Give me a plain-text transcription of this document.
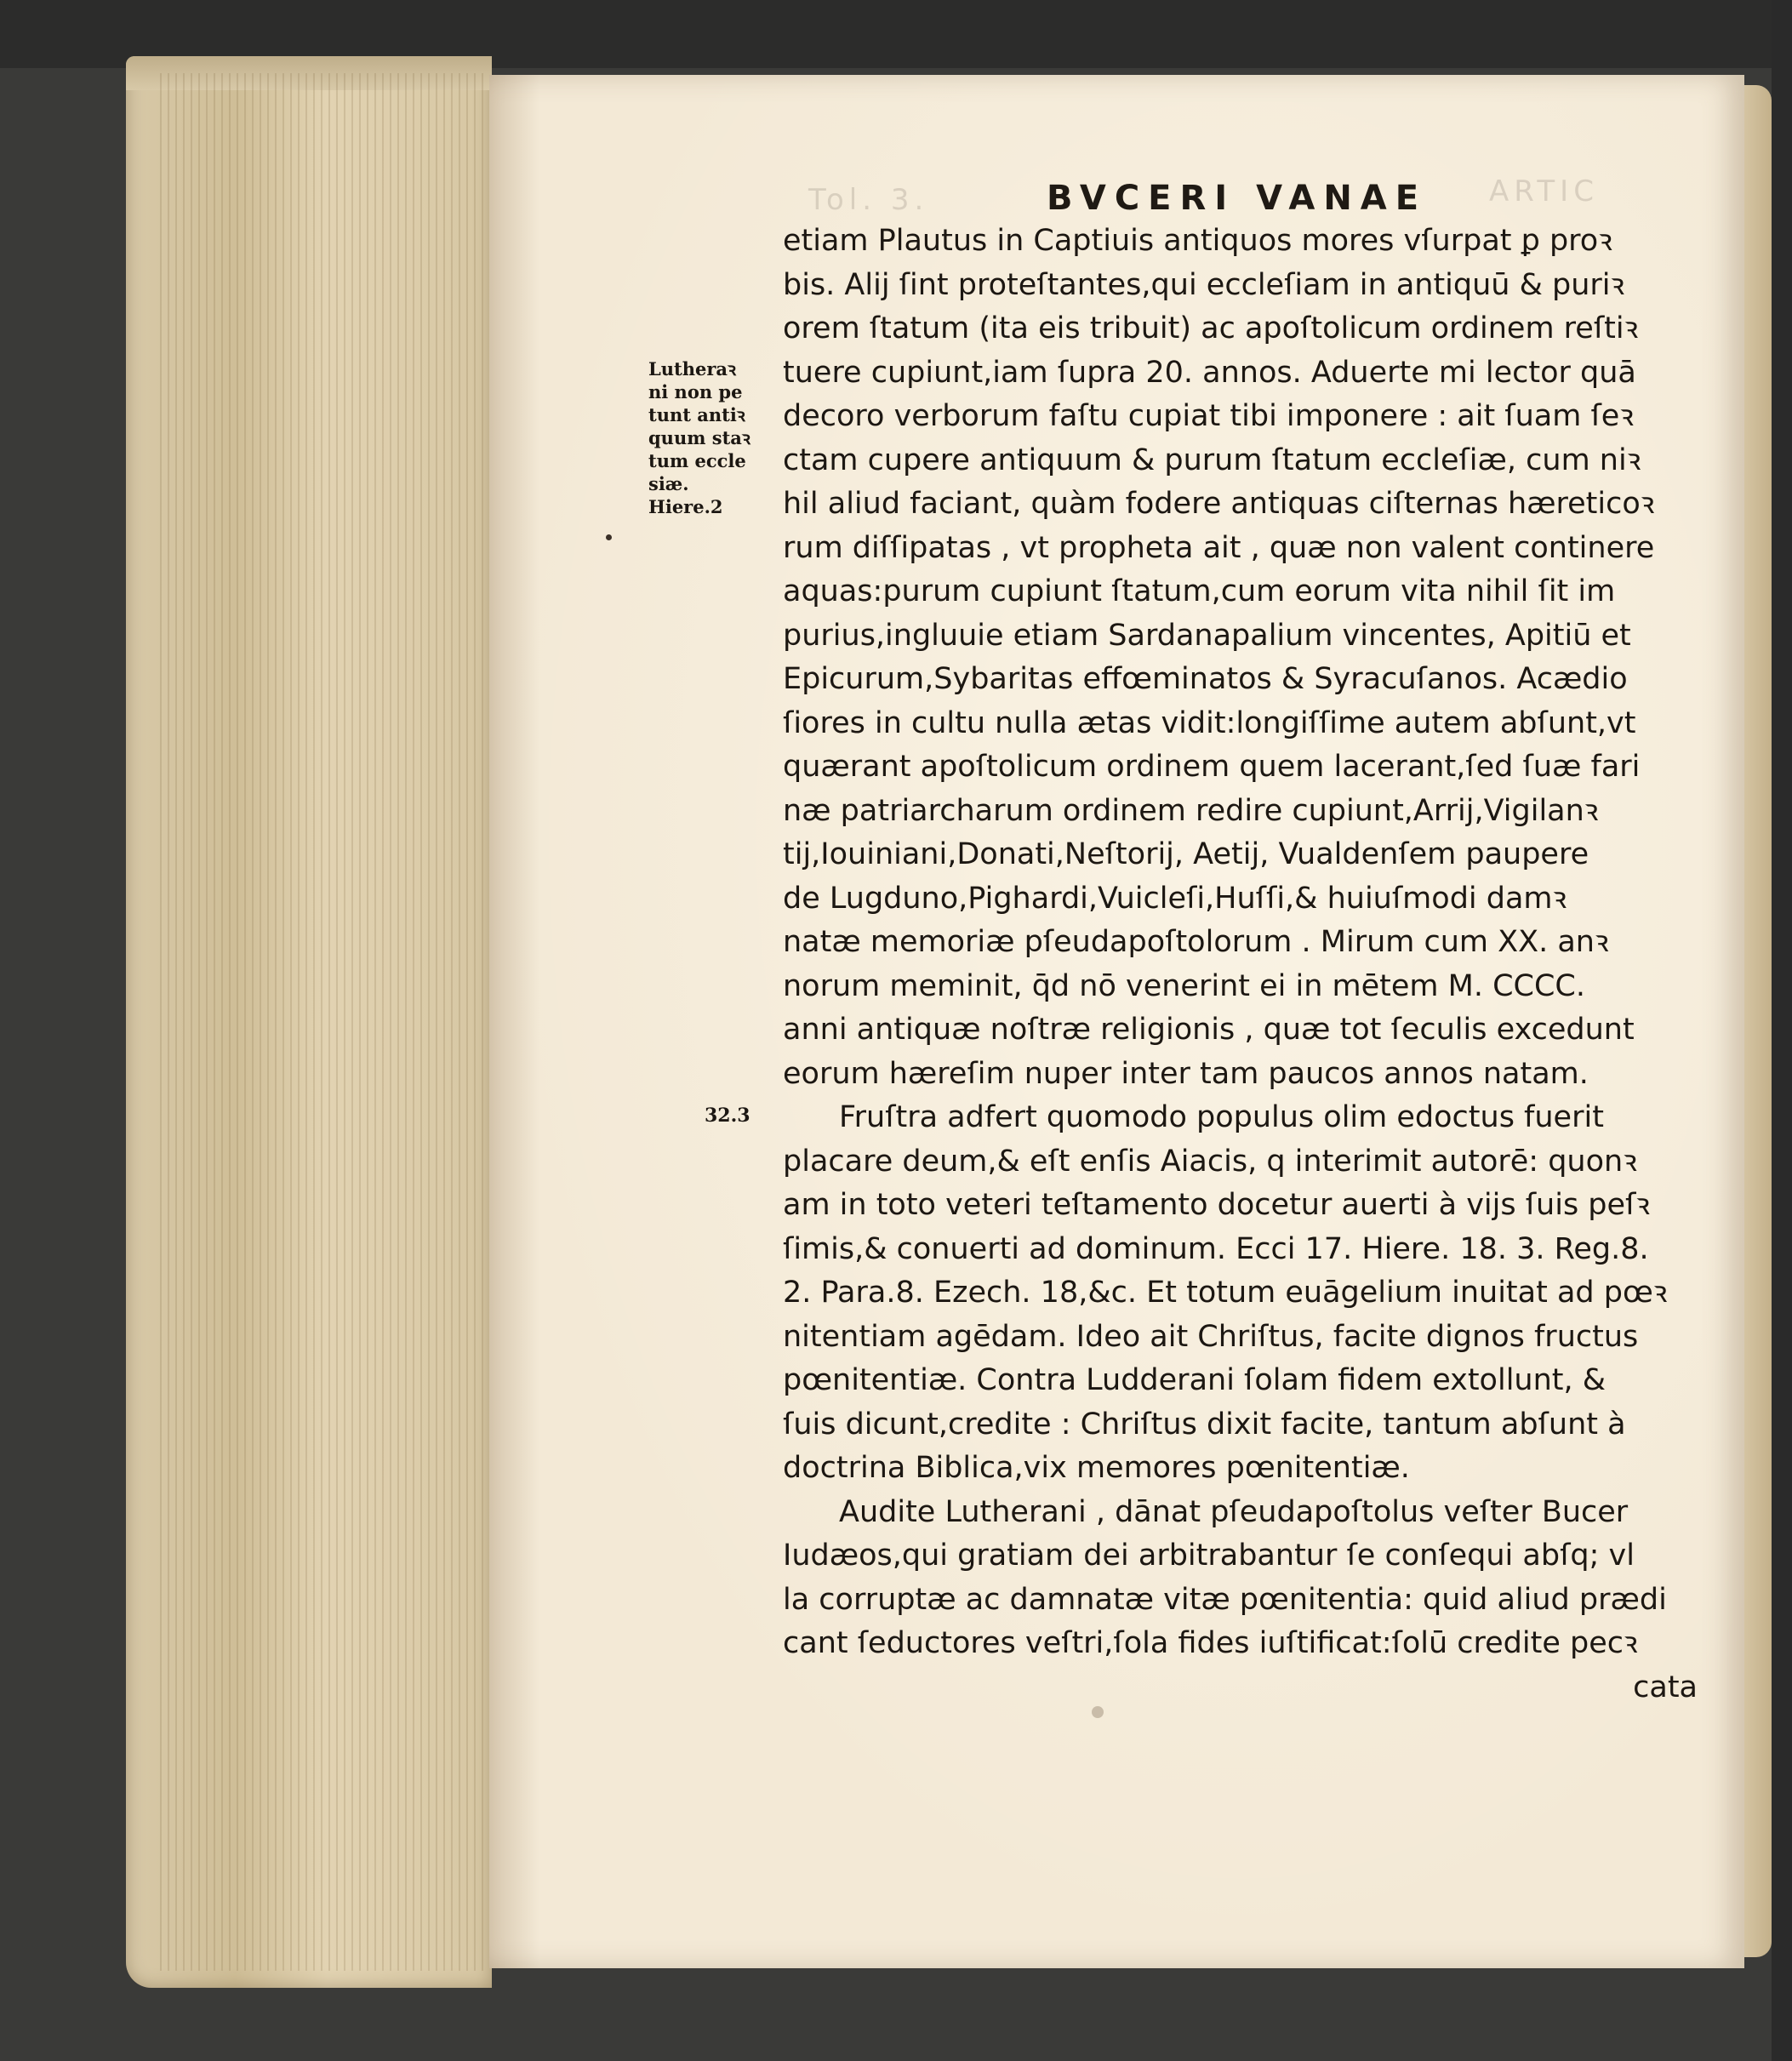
Tol. 3.	ARTIC
BVCERI VANAE
Lutheraꝛ
ni non pe
tunt antiꝛ
quum staꝛ
tum eccle
siæ.
Hiere.2
32.3
etiam Plautus in Captiuis antiquos mores vſurpat ꝑ proꝛ
bis. Alij ſint proteſtantes,qui eccleſiam in antiquū & puriꝛ
orem ſtatum (ita eis tribuit) ac apoſtolicum ordinem reſtiꝛ
tuere cupiunt,iam ſupra 20. annos. Aduerte mi lector quā
decoro verborum faſtu cupiat tibi imponere : ait ſuam ſeꝛ
ctam cupere antiquum & purum ſtatum eccleſiæ, cum niꝛ
hil aliud faciant, quàm fodere antiquas ciſternas hæreticoꝛ
rum diſſipatas , vt propheta ait , quæ non valent continere
aquas:purum cupiunt ſtatum,cum eorum vita nihil ſit im
purius,ingluuie etiam Sardanapalium vincentes, Apitiū et
Epicurum,Sybaritas effœminatos & Syracuſanos. Acædio
ſiores in cultu nulla ætas vidit:longiſſime autem abſunt,vt
quærant apoſtolicum ordinem quem lacerant,ſed ſuæ fari
næ patriarcharum ordinem redire cupiunt,Arrij,Vigilanꝛ
tij,Iouiniani,Donati,Neſtorij, Aetij, Vualdenſem paupere
de Lugduno,Pighardi,Vuicleſi,Huſſi,& huiuſmodi damꝛ
natæ memoriæ pſeudapoſtolorum . Mirum cum XX. anꝛ
norum meminit, q̄d nō venerint ei in mētem M. CCCC.
anni antiquæ noſtræ religionis , quæ tot ſeculis excedunt
eorum hæreſim nuper inter tam paucos annos natam.
Fruſtra adfert quomodo populus olim edoctus fuerit
placare deum,& eſt enſis Aiacis, q interimit autorē: quonꝛ
am in toto veteri teſtamento docetur auerti à vijs ſuis peſꝛ
ſimis,& conuerti ad dominum. Ecci 17. Hiere. 18. 3. Reg.8.
2. Para.8. Ezech. 18,&c. Et totum euāgelium inuitat ad pœꝛ
nitentiam agēdam. Ideo ait Chriſtus, facite dignos fructus
pœnitentiæ. Contra Ludderani ſolam fidem extollunt, &
ſuis dicunt,credite : Chriſtus dixit facite, tantum abſunt à
doctrina Biblica,vix memores pœnitentiæ.
Audite Lutherani , dānat pſeudapoſtolus veſter Bucer
Iudæos,qui gratiam dei arbitrabantur ſe conſequi abſq; vl
la corruptæ ac damnatæ vitæ pœnitentia: quid aliud prædi
cant ſeductores veſtri,ſola fides iuſtificat:ſolū credite pecꝛ
cata
